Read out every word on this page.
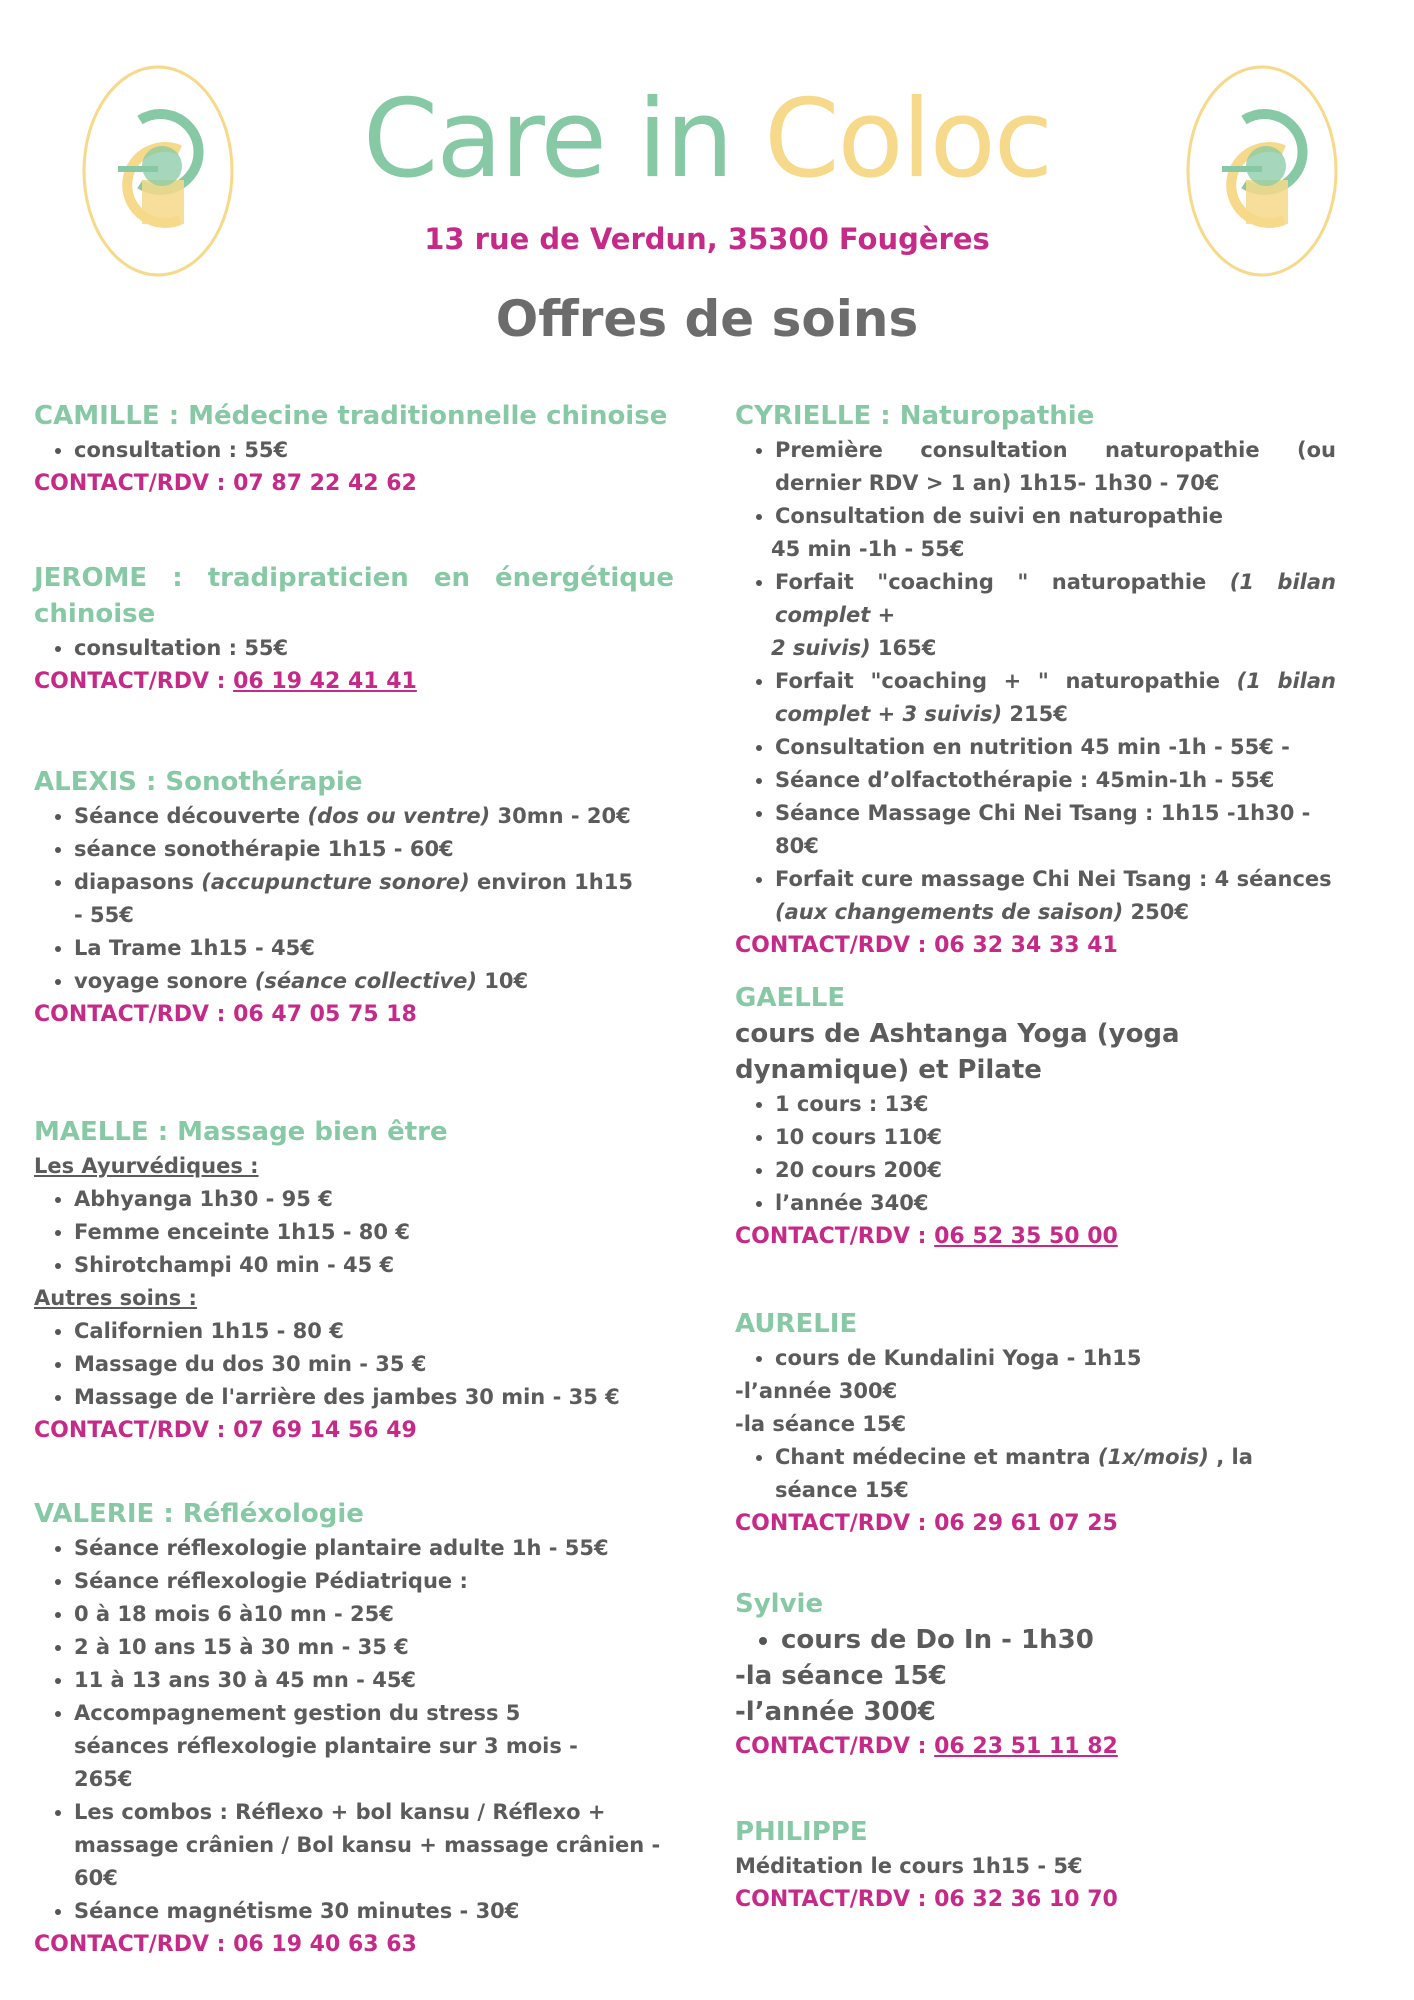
Care in Coloc
13 rue de Verdun, 35300 Fougères
Offres de soins
CAMILLE : Médecine traditionnelle chinoise
• consultation : 55€
CONTACT/RDV : 07 87 22 42 62
JEROME : tradipraticien en énergétique
chinoise
• consultation : 55€
CONTACT/RDV : 06 19 42 41 41
ALEXIS : Sonothérapie
• Séance découverte (dos ou ventre) 30mn - 20€
• séance sonothérapie 1h15 - 60€
• diapasons (accupuncture sonore) environ 1h15 - 55€
• La Trame 1h15 - 45€
• voyage sonore (séance collective) 10€
CONTACT/RDV : 06 47 05 75 18
MAELLE : Massage bien être
Les Ayurvédiques :
• Abhyanga 1h30 - 95 €
• Femme enceinte 1h15 - 80 €
• Shirotchampi 40 min - 45 €
Autres soins :
• Californien 1h15 - 80 €
• Massage du dos 30 min - 35 €
• Massage de l'arrière des jambes 30 min - 35 €
CONTACT/RDV : 07 69 14 56 49
VALERIE : Réfléxologie
• Séance réflexologie plantaire adulte 1h - 55€
• Séance réflexologie Pédiatrique :
• 0 à 18 mois 6 à10 mn - 25€
• 2 à 10 ans 15 à 30 mn - 35 €
• 11 à 13 ans 30 à 45 mn - 45€
• Accompagnement gestion du stress 5 séances réflexologie plantaire sur 3 mois - 265€
• Les combos : Réflexo + bol kansu / Réflexo + massage crânien / Bol kansu + massage crânien - 60€
• Séance magnétisme 30 minutes - 30€
CONTACT/RDV : 06 19 40 63 63
CYRIELLE : Naturopathie
• Première consultation naturopathie (ou dernier RDV > 1 an) 1h15- 1h30 - 70€
• Consultation de suivi en naturopathie
45 min -1h - 55€
• Forfait "coaching " naturopathie (1 bilan complet +
2 suivis) 165€
• Forfait "coaching + " naturopathie (1 bilan complet + 3 suivis) 215€
• Consultation en nutrition 45 min -1h - 55€ -
• Séance d’olfactothérapie : 45min-1h - 55€
• Séance Massage Chi Nei Tsang : 1h15 -1h30 - 80€
• Forfait cure massage Chi Nei Tsang : 4 séances (aux changements de saison) 250€
CONTACT/RDV : 06 32 34 33 41
GAELLE
cours de Ashtanga Yoga (yoga dynamique) et Pilate
• 1 cours : 13€
• 10 cours 110€
• 20 cours 200€
• l’année 340€
CONTACT/RDV : 06 52 35 50 00
AURELIE
• cours de Kundalini Yoga - 1h15
-l’année 300€
-la séance 15€
• Chant médecine et mantra (1x/mois) , la séance 15€
CONTACT/RDV : 06 29 61 07 25
Sylvie
• cours de Do In - 1h30
-la séance 15€
-l’année 300€
CONTACT/RDV : 06 23 51 11 82
PHILIPPE
Méditation le cours 1h15 - 5€
CONTACT/RDV : 06 32 36 10 70
